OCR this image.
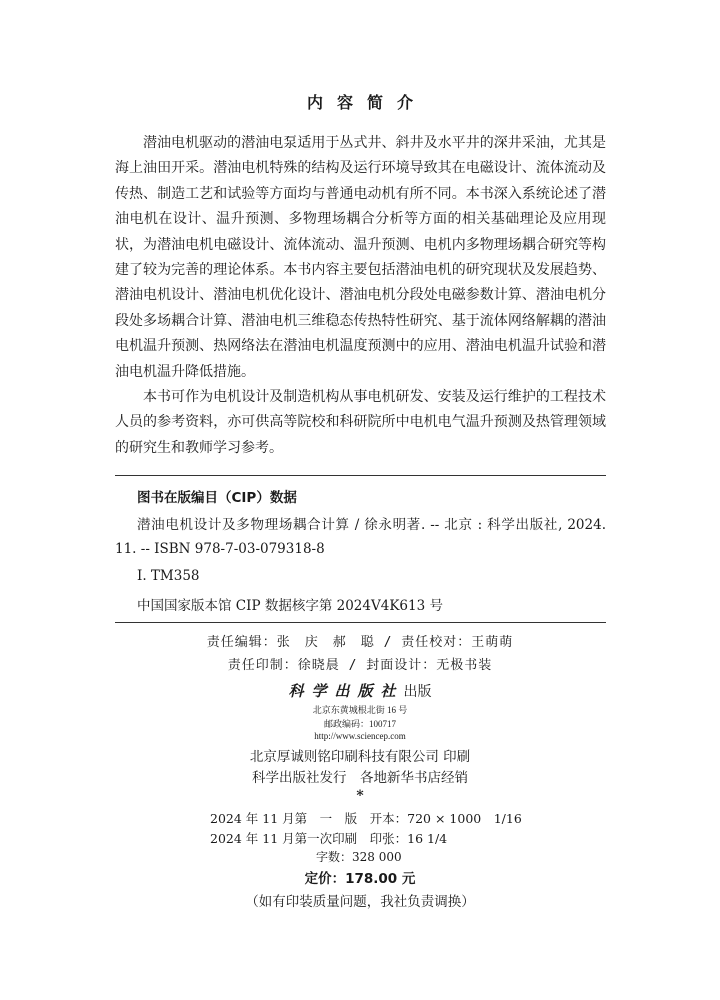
内容简介

潜油电机驱动的潜油电泵适用于丛式井、斜井及水平井的深井采油，尤其是海上油田开采。潜油电机特殊的结构及运行环境导致其在电磁设计、流体流动及传热、制造工艺和试验等方面均与普通电动机有所不同。本书深入系统论述了潜油电机在设计、温升预测、多物理场耦合分析等方面的相关基础理论及应用现状，为潜油电机电磁设计、流体流动、温升预测、电机内多物理场耦合研究等构建了较为完善的理论体系。本书内容主要包括潜油电机的研究现状及发展趋势、潜油电机设计、潜油电机优化设计、潜油电机分段处电磁参数计算、潜油电机分段处多场耦合计算、潜油电机三维稳态传热特性研究、基于流体网络解耦的潜油电机温升预测、热网络法在潜油电机温度预测中的应用、潜油电机温升试验和潜油电机温升降低措施。

本书可作为电机设计及制造机构从事电机研发、安装及运行维护的工程技术人员的参考资料，亦可供高等院校和科研院所中电机电气温升预测及热管理领域的研究生和教师学习参考。

图书在版编目（CIP）数据
潜油电机设计及多物理场耦合计算 / 徐永明著. -- 北京 : 科学出版社, 2024. 11. -- ISBN 978-7-03-079318-8
Ⅰ. TM358
中国国家版本馆 CIP 数据核字第 2024V4K613 号
责任编辑：张　庆　郝　聪 / 责任校对：王萌萌
责任印制：徐晓晨 / 封面设计：无极书装
科学出版社出版
北京东黄城根北街 16 号
邮政编码：100717
http://www.sciencep.com
北京厚诚则铭印刷科技有限公司 印刷
科学出版社发行　各地新华书店经销
*
2024 年 11 月第　一　版　开本：720 × 1000　1/16
2024 年 11 月第一次印刷　印张：16 1/4
字数：328 000
定价：178.00 元
（如有印装质量问题，我社负责调换）
